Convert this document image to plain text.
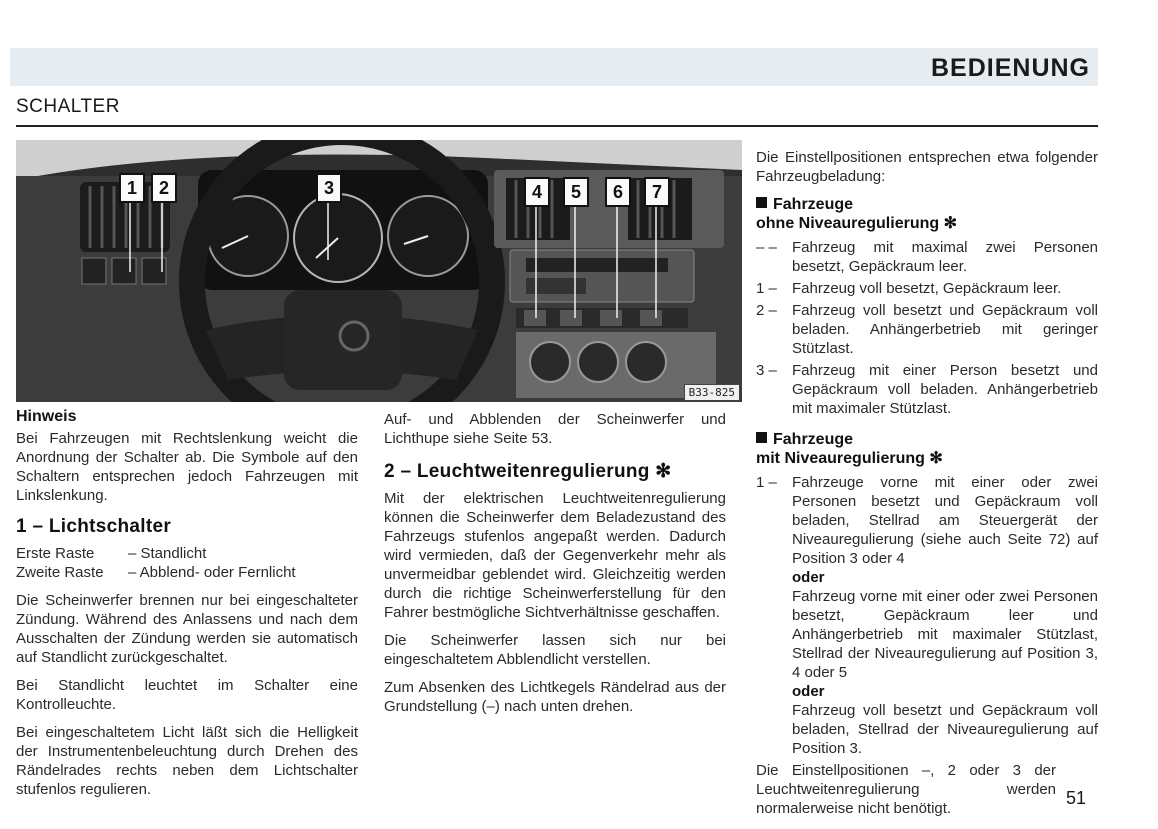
BEDIENUNG
SCHALTER
1	2	3	4	5	6	7
B33-825
Hinweis

Bei Fahrzeugen mit Rechtslenkung weicht die Anordnung der Schalter ab. Die Symbole auf den Schaltern entsprechen jedoch Fahrzeugen mit Linkslenkung.

1 – Lichtschalter
Erste Raste	– Standlicht
Zweite Raste	– Abblend- oder Fernlicht

Die Scheinwerfer brennen nur bei eingeschalteter Zündung. Während des Anlassens und nach dem Ausschalten der Zündung werden sie automatisch auf Standlicht zurückgeschaltet.

Bei Standlicht leuchtet im Schalter eine Kontrolleuchte.

Bei eingeschaltetem Licht läßt sich die Helligkeit der Instrumentenbeleuchtung durch Drehen des Rändelrades rechts neben dem Lichtschalter stufenlos regulieren.

Auf- und Abblenden der Scheinwerfer und Lichthupe siehe Seite 53.

2 – Leuchtweitenregulierung ✻

Mit der elektrischen Leuchtweitenregulierung können die Scheinwerfer dem Beladezustand des Fahrzeugs stufenlos angepaßt werden. Dadurch wird vermieden, daß der Gegenverkehr mehr als unvermeidbar geblendet wird. Gleichzeitig werden durch die richtige Scheinwerferstellung für den Fahrer bestmögliche Sichtverhältnisse geschaffen.

Die Scheinwerfer lassen sich nur bei eingeschaltetem Abblendlicht verstellen.

Zum Absenken des Lichtkegels Rändelrad aus der Grundstellung (–) nach unten drehen.

Die Einstellpositionen entsprechen etwa folgender Fahrzeugbeladung:

Fahrzeuge
ohne Niveauregulierung ✻
– –	Fahrzeug mit maximal zwei Personen besetzt, Gepäckraum leer.
1 –	Fahrzeug voll besetzt, Gepäckraum leer.
2 –	Fahrzeug voll besetzt und Gepäckraum voll beladen. Anhängerbetrieb mit geringer Stützlast.
3 –	Fahrzeug mit einer Person besetzt und Gepäckraum voll beladen. Anhängerbetrieb mit maximaler Stützlast.
Fahrzeuge
mit Niveauregulierung ✻
1 –	Fahrzeuge vorne mit einer oder zwei Personen besetzt und Gepäckraum voll beladen, Stellrad am Steuergerät der Niveauregulierung (siehe auch Seite 72) auf Position 3 oder 4
oder
Fahrzeug vorne mit einer oder zwei Personen besetzt, Gepäckraum leer und Anhängerbetrieb mit maximaler Stützlast, Stellrad der Niveauregulierung auf Position 3, 4 oder 5
oder
Fahrzeug voll besetzt und Gepäckraum voll beladen, Stellrad der Niveauregulierung auf Position 3.

Die Einstellpositionen –, 2 oder 3 der Leuchtweitenregulierung werden normalerweise nicht benötigt.

51
